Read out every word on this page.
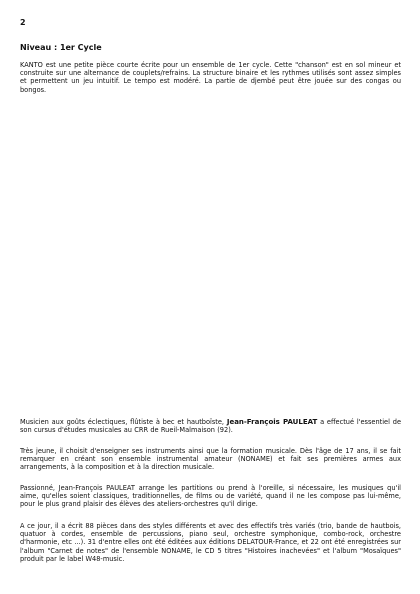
2
Niveau : 1er Cycle

KANTO est une petite pièce courte écrite pour un ensemble de 1er cycle. Cette "chanson" est en sol mineur et construite sur une alternance de couplets/refrains. La structure binaire et les rythmes utilisés sont assez simples et permettent un jeu intuitif. Le tempo est modéré. La partie de djembé peut être jouée sur des congas ou bongos.

Musicien aux goûts éclectiques, flûtiste à bec et hautboïste, Jean-François PAULEAT a effectué l'essentiel de son cursus d'études musicales au CRR de Rueil-Malmaison (92).

Très jeune, il choisit d'enseigner ses instruments ainsi que la formation musicale. Dès l'âge de 17 ans, il se fait remarquer en créant son ensemble instrumental amateur (NONAME) et fait ses premières armes aux arrangements, à la composition et à la direction musicale.

Passionné, Jean-François PAULEAT arrange les partitions ou prend à l'oreille, si nécessaire, les musiques qu'il aime, qu'elles soient classiques, traditionnelles, de films ou de variété, quand il ne les compose pas lui-même, pour le plus grand plaisir des élèves des ateliers-orchestres qu'il dirige.

A ce jour, il a écrit 88 pièces dans des styles différents et avec des effectifs très variés (trio, bande de hautbois, quatuor à cordes, ensemble de percussions, piano seul, orchestre symphonique, combo-rock, orchestre d'harmonie, etc ...). 31 d'entre elles ont été éditées aux éditions DELATOUR-France, et 22 ont été enregistrées sur l'album "Carnet de notes" de l'ensemble NONAME, le CD 5 titres "Histoires inachevées" et l'album "Mosaïques" produit par le label W48-music.
